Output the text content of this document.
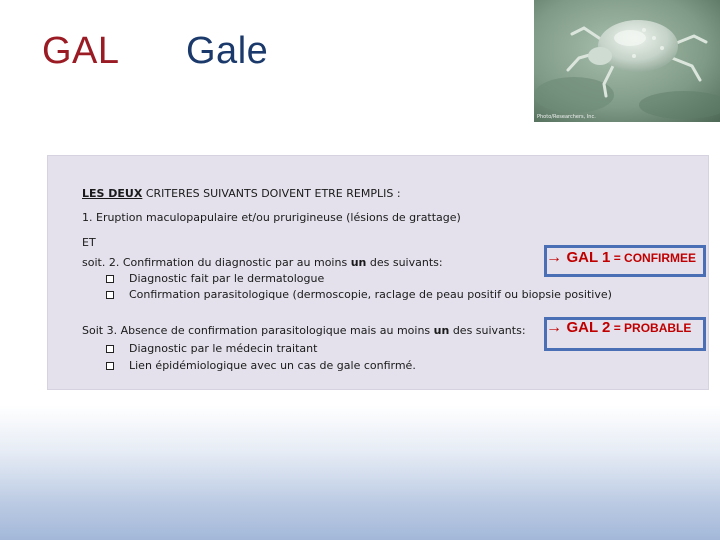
GAL Gale
Photo/Researchers, Inc.
LES DEUX CRITERES SUIVANTS DOIVENT ETRE REMPLIS :
1. Eruption maculopapulaire et/ou prurigineuse (lésions de grattage)
ET
soit. 2. Confirmation du diagnostic par au moins un des suivants:
Diagnostic fait par le dermatologue
Confirmation parasitologique (dermoscopie, raclage de peau positif ou biopsie positive)
Soit 3. Absence de confirmation parasitologique mais au moins un des suivants:
Diagnostic par le médecin traitant
Lien épidémiologique avec un cas de gale confirmé.
→ GAL 1 = CONFIRMEE
→ GAL 2 = PROBABLE
